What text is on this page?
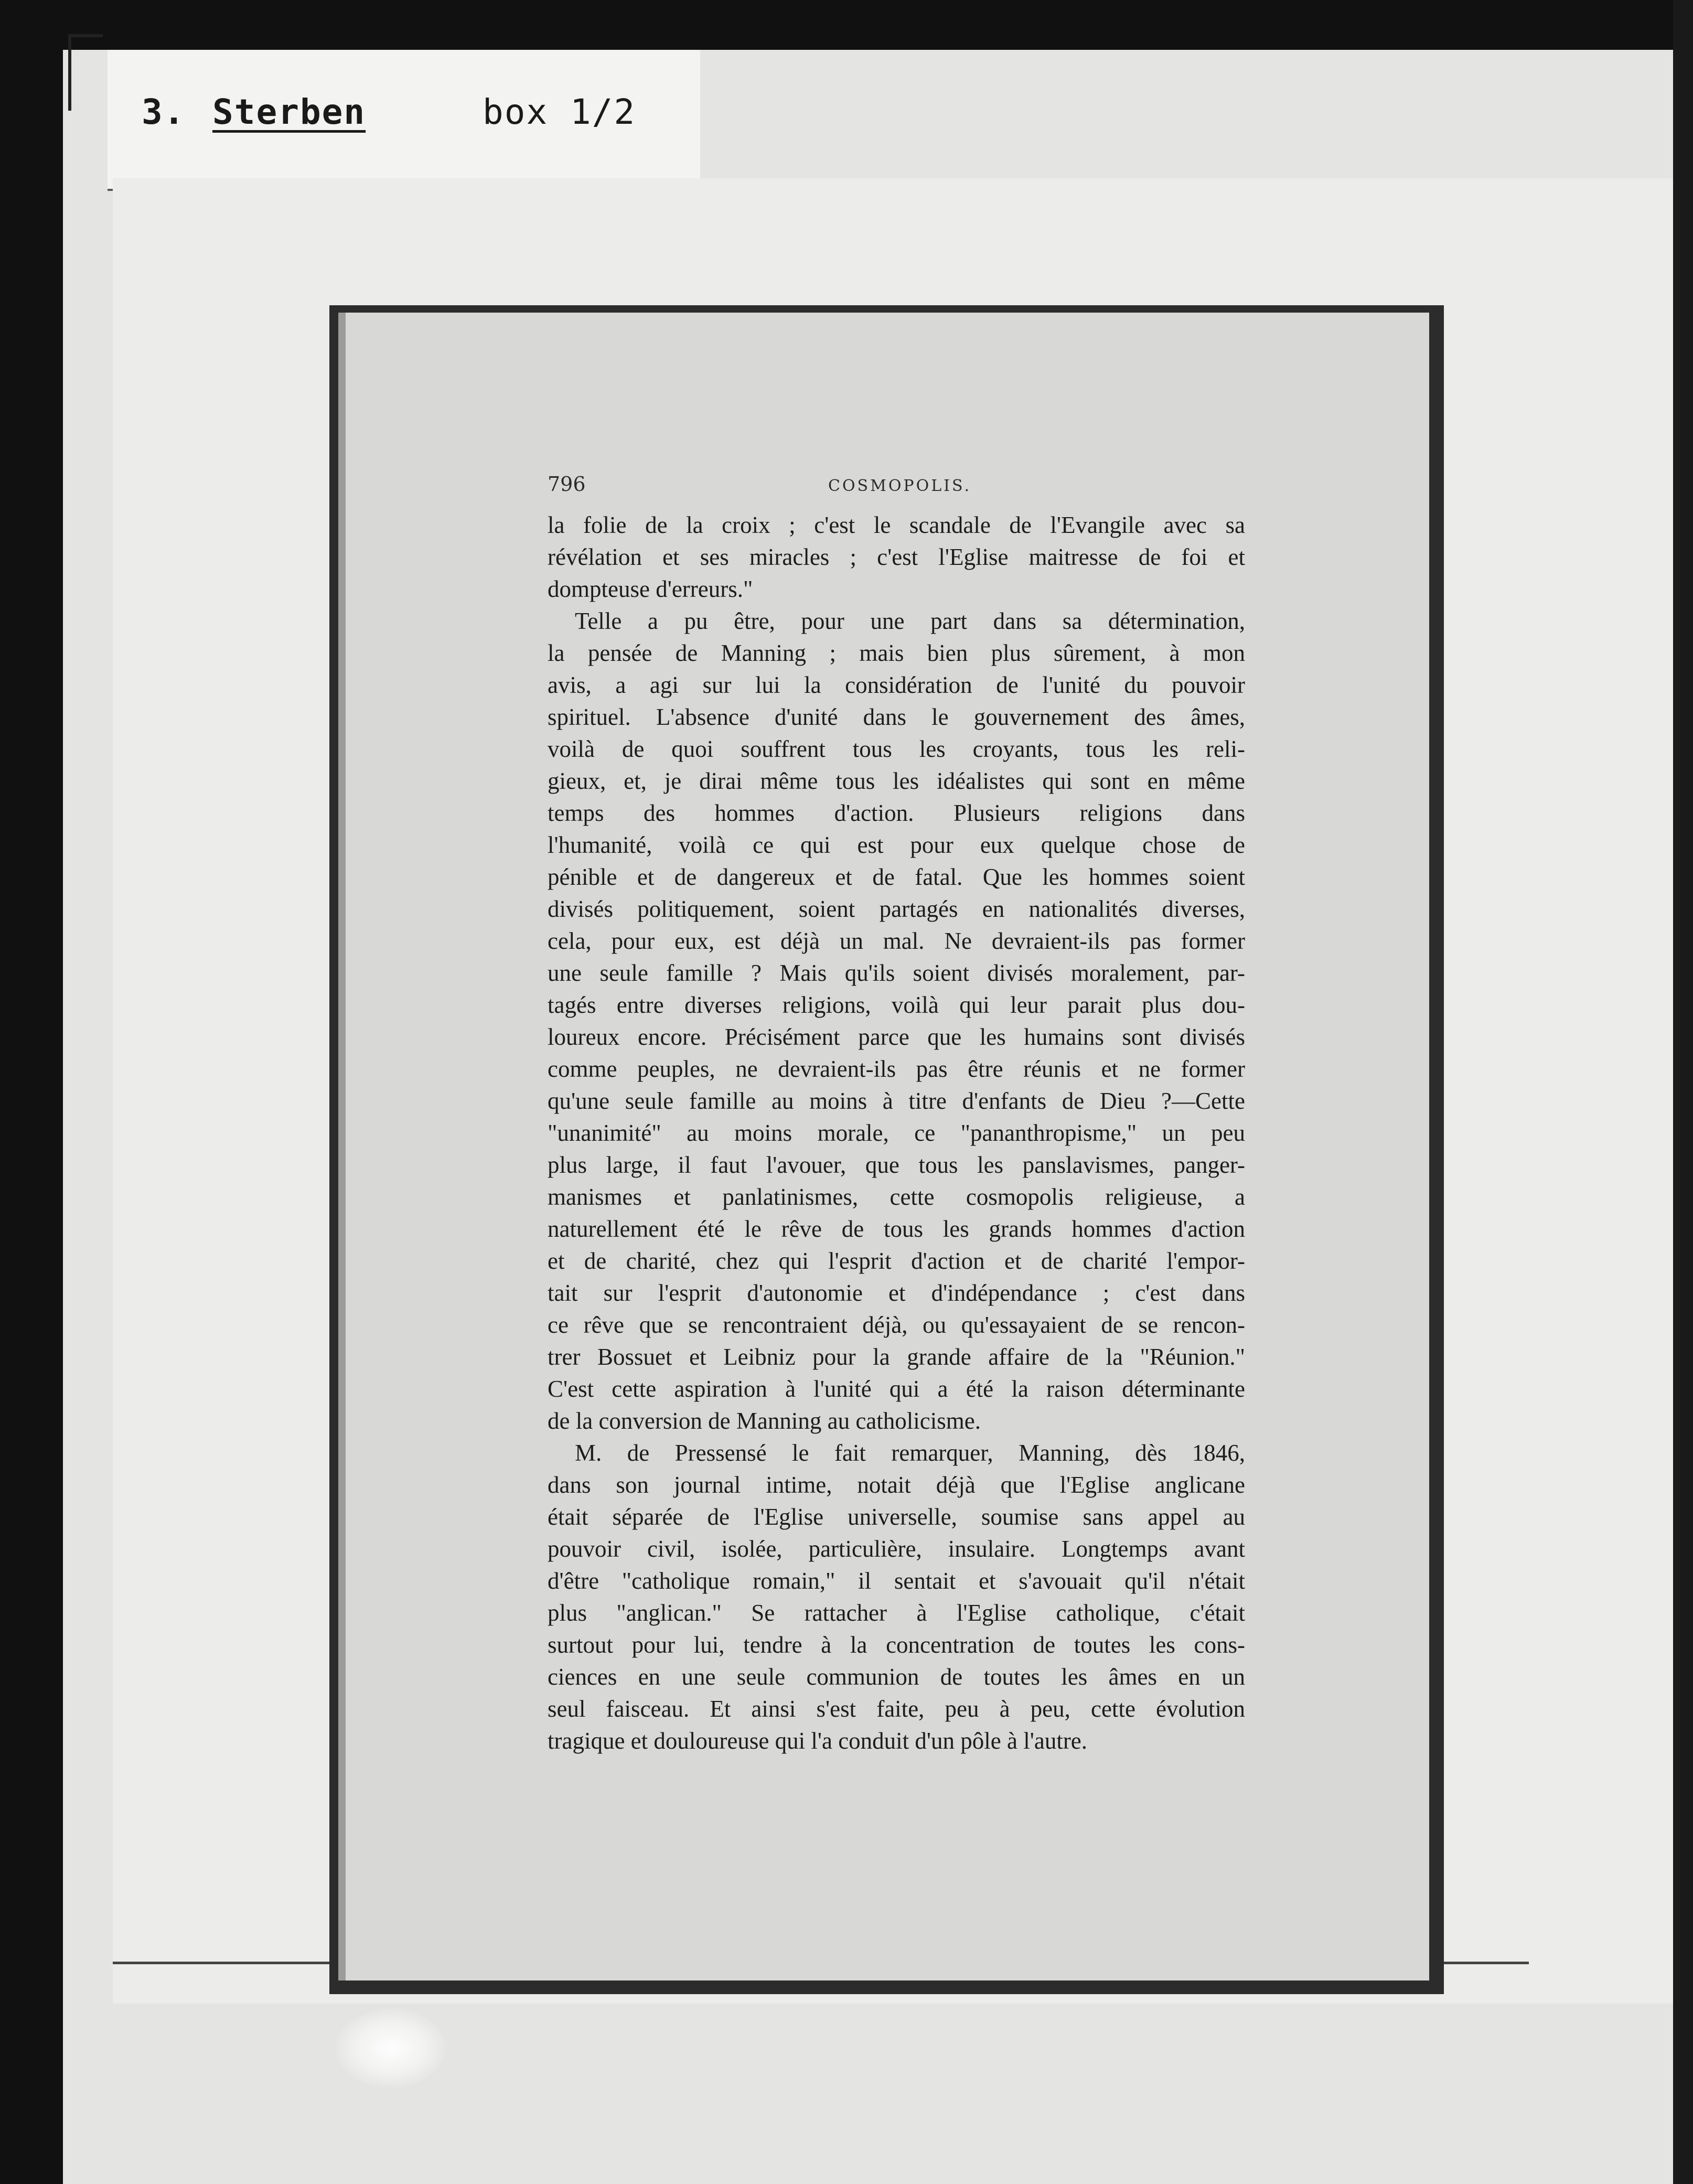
3. Sterben	box 1/2
796	COSMOPOLIS.
la folie de la croix ; c'est le scandale de l'Evangile avec sa
révélation et ses miracles ; c'est l'Eglise maitresse de foi et
dompteuse d'erreurs."
Telle a pu être, pour une part dans sa détermination,
la pensée de Manning ; mais bien plus sûrement, à mon
avis, a agi sur lui la considération de l'unité du pouvoir
spirituel. L'absence d'unité dans le gouvernement des âmes,
voilà de quoi souffrent tous les croyants, tous les reli-
gieux, et, je dirai même tous les idéalistes qui sont en même
temps des hommes d'action. Plusieurs religions dans
l'humanité, voilà ce qui est pour eux quelque chose de
pénible et de dangereux et de fatal. Que les hommes soient
divisés politiquement, soient partagés en nationalités diverses,
cela, pour eux, est déjà un mal. Ne devraient-ils pas former
une seule famille ? Mais qu'ils soient divisés moralement, par-
tagés entre diverses religions, voilà qui leur parait plus dou-
loureux encore. Précisément parce que les humains sont divisés
comme peuples, ne devraient-ils pas être réunis et ne former
qu'une seule famille au moins à titre d'enfants de Dieu ?—Cette
"unanimité" au moins morale, ce "pananthropisme," un peu
plus large, il faut l'avouer, que tous les panslavismes, panger-
manismes et panlatinismes, cette cosmopolis religieuse, a
naturellement été le rêve de tous les grands hommes d'action
et de charité, chez qui l'esprit d'action et de charité l'empor-
tait sur l'esprit d'autonomie et d'indépendance ; c'est dans
ce rêve que se rencontraient déjà, ou qu'essayaient de se rencon-
trer Bossuet et Leibniz pour la grande affaire de la "Réunion."
C'est cette aspiration à l'unité qui a été la raison déterminante
de la conversion de Manning au catholicisme.
M. de Pressensé le fait remarquer, Manning, dès 1846,
dans son journal intime, notait déjà que l'Eglise anglicane
était séparée de l'Eglise universelle, soumise sans appel au
pouvoir civil, isolée, particulière, insulaire. Longtemps avant
d'être "catholique romain," il sentait et s'avouait qu'il n'était
plus "anglican." Se rattacher à l'Eglise catholique, c'était
surtout pour lui, tendre à la concentration de toutes les cons-
ciences en une seule communion de toutes les âmes en un
seul faisceau. Et ainsi s'est faite, peu à peu, cette évolution
tragique et douloureuse qui l'a conduit d'un pôle à l'autre.
